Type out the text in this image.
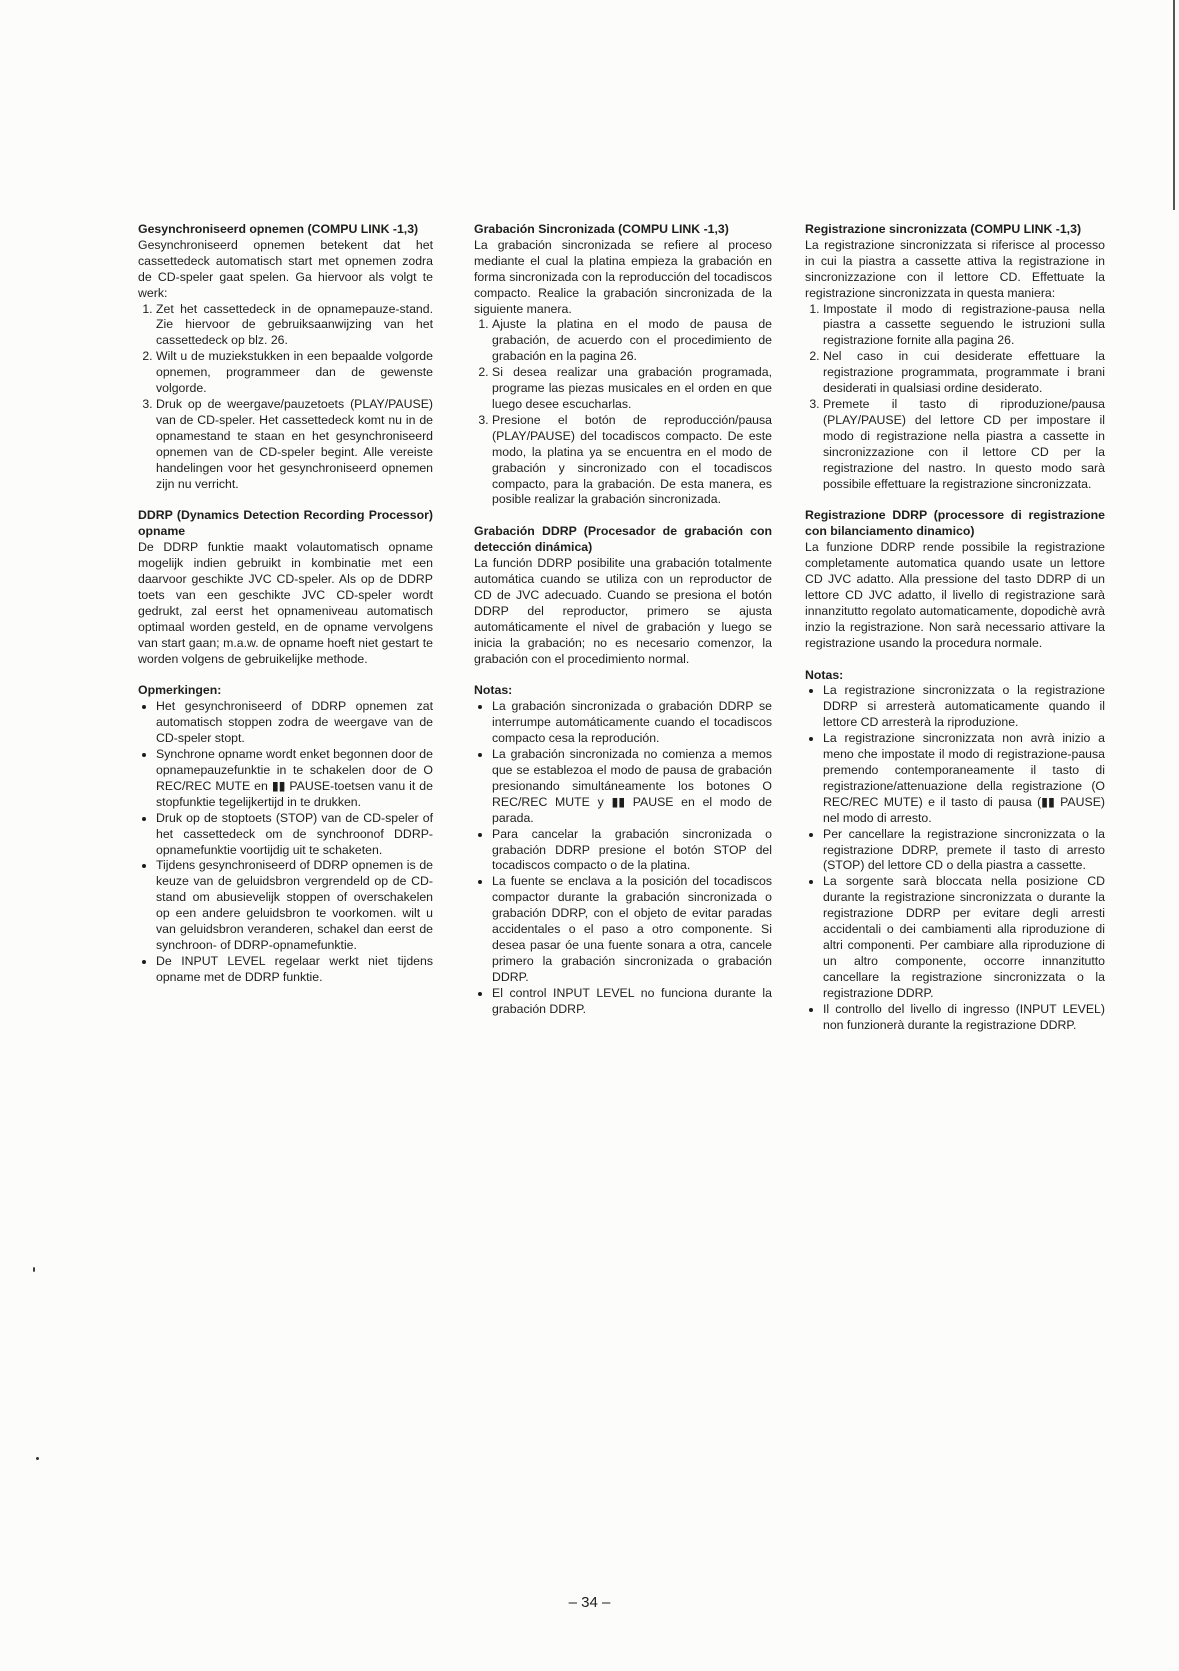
Gesynchroniseerd opnemen (COMPU LINK -1,3)
Gesynchroniseerd opnemen betekent dat het cassettedeck automatisch start met opnemen zodra de CD-speler gaat spelen. Ga hiervoor als volgt te werk:
1. Zet het cassettedeck in de opnamepauze-stand. Zie hiervoor de gebruiksaanwijzing van het cassettedeck op blz. 26.
2. Wilt u de muziekstukken in een bepaalde volgorde opnemen, programmeer dan de gewenste volgorde.
3. Druk op de weergave/pauzetoets (PLAY/PAUSE) van de CD-speler. Het cassettedeck komt nu in de opnamestand te staan en het gesynchroniseerd opnemen van de CD-speler begint. Alle vereiste handelingen voor het gesynchroniseerd opnemen zijn nu verricht.
DDRP (Dynamics Detection Recording Processor) opname
De DDRP funktie maakt volautomatisch opname mogelijk indien gebruikt in kombinatie met een daarvoor geschikte JVC CD-speler. Als op de DDRP toets van een geschikte JVC CD-speler wordt gedrukt, zal eerst het opnameniveau automatisch optimaal worden gesteld, en de opname vervolgens van start gaan; m.a.w. de opname hoeft niet gestart te worden volgens de gebruikelijke methode.
Opmerkingen:
• Het gesynchroniseerd of DDRP opnemen zat automatisch stoppen zodra de weergave van de CD-speler stopt.
• Synchrone opname wordt enket begonnen door de opnamepauzefunktie in te schakelen door de O REC/REC MUTE en ▮▮ PAUSE-toetsen vanu it de stopfunktie tegelijkertijd in te drukken.
• Druk op de stoptoets (STOP) van de CD-speler of het cassettedeck om de synchroonof DDRP-opnamefunktie voortijdig uit te schaketen.
• Tijdens gesynchroniseerd of DDRP opnemen is de keuze van de geluidsbron vergrendeld op de CD-stand om abusievelijk stoppen of overschakelen op een andere geluidsbron te voorkomen. wilt u van geluidsbron veranderen, schakel dan eerst de synchroon- of DDRP-opnamefunktie.
• De INPUT LEVEL regelaar werkt niet tijdens opname met de DDRP funktie.
Grabación Sincronizada (COMPU LINK -1,3)
La grabación sincronizada se refiere al proceso mediante el cual la platina empieza la grabación en forma sincronizada con la reproducción del tocadiscos compacto. Realice la grabación sincronizada de la siguiente manera.
1. Ajuste la platina en el modo de pausa de grabación, de acuerdo con el procedimiento de grabación en la pagina 26.
2. Si desea realizar una grabación programada, programe las piezas musicales en el orden en que luego desee escucharlas.
3. Presione el botón de reproducción/pausa (PLAY/PAUSE) del tocadiscos compacto. De este modo, la platina ya se encuentra en el modo de grabación y sincronizado con el tocadiscos compacto, para la grabación. De esta manera, es posible realizar la grabación sincronizada.
Grabación DDRP (Procesador de grabación con detección dinámica)
La función DDRP posibilite una grabación totalmente automática cuando se utiliza con un reproductor de CD de JVC adecuado. Cuando se presiona el botón DDRP del reproductor, primero se ajusta automáticamente el nivel de grabación y luego se inicia la grabación; no es necesario comenzor, la grabación con el procedimiento normal.
Notas:
• La grabación sincronizada o grabación DDRP se interrumpe automáticamente cuando el tocadiscos compacto cesa la reprodución.
• La grabación sincronizada no comienza a memos que se establezoa el modo de pausa de grabación presionando simultáneamente los botones O REC/REC MUTE y ▮▮ PAUSE en el modo de parada.
• Para cancelar la grabación sincronizada o grabación DDRP presione el botón STOP del tocadiscos compacto o de la platina.
• La fuente se enclava a la posición del tocadiscos compactor durante la grabación sincronizada o grabación DDRP, con el objeto de evitar paradas accidentales o el paso a otro componente. Si desea pasar óe una fuente sonara a otra, cancele primero la grabación sincronizada o grabación DDRP.
• El control INPUT LEVEL no funciona durante la grabación DDRP.
Registrazione sincronizzata (COMPU LINK -1,3)
La registrazione sincronizzata si riferisce al processo in cui la piastra a cassette attiva la registrazione in sincronizzazione con il lettore CD. Effettuate la registrazione sincronizzata in questa maniera:
1. Impostate il modo di registrazione-pausa nella piastra a cassette seguendo le istruzioni sulla registrazione fornite alla pagina 26.
2. Nel caso in cui desiderate effettuare la registrazione programmata, programmate i brani desiderati in qualsiasi ordine desiderato.
3. Premete il tasto di riproduzione/pausa (PLAY/PAUSE) del lettore CD per impostare il modo di registrazione nella piastra a cassette in sincronizzazione con il lettore CD per la registrazione del nastro. In questo modo sarà possibile effettuare la registrazione sincronizzata.
Registrazione DDRP (processore di registrazione con bilanciamento dinamico)
La funzione DDRP rende possibile la registrazione completamente automatica quando usate un lettore CD JVC adatto. Alla pressione del tasto DDRP di un lettore CD JVC adatto, il livello di registrazione sarà innanzitutto regolato automaticamente, dopodichè avrà inzio la registrazione. Non sarà necessario attivare la registrazione usando la procedura normale.
Notas:
• La registrazione sincronizzata o la registrazione DDRP si arresterà automaticamente quando il lettore CD arresterà la riproduzione.
• La registrazione sincronizzata non avrà inizio a meno che impostate il modo di registrazione-pausa premendo contemporaneamente il tasto di registrazione/attenuazione della registrazione (O REC/REC MUTE) e il tasto di pausa (▮▮ PAUSE) nel modo di arresto.
• Per cancellare la registrazione sincronizzata o la registrazione DDRP, premete il tasto di arresto (STOP) del lettore CD o della piastra a cassette.
• La sorgente sarà bloccata nella posizione CD durante la registrazione sincronizzata o durante la registrazione DDRP per evitare degli arresti accidentali o dei cambiamenti alla riproduzione di altri componenti. Per cambiare alla riproduzione di un altro componente, occorre innanzitutto cancellare la registrazione sincronizzata o la registrazione DDRP.
• Il controllo del livello di ingresso (INPUT LEVEL) non funzionerà durante la registrazione DDRP.
– 34 –
